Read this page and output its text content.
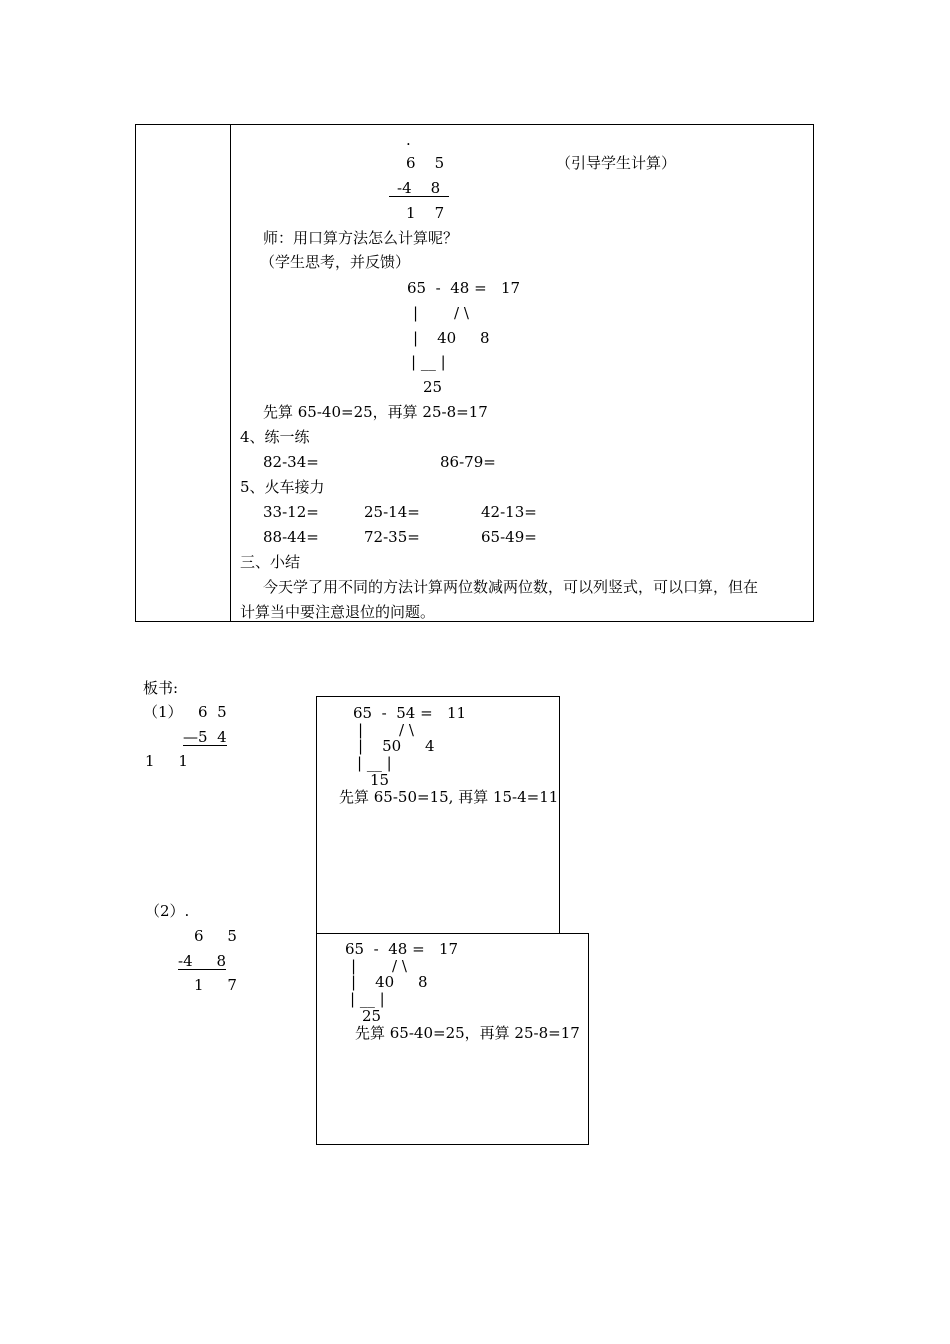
.
6    5	（引导学生计算）
-4    8
1    7
师：用口算方法怎么计算呢？
（学生思考，并反馈）
65  -  48 =   17
| / \
|    40     8
| __ |
25
先算 65-40=25，再算 25-8=17
4、练一练
82-34=	86-79=
5、火车接力
33-12=	25-14=	42-13=
88-44=	72-35=	65-49=
三、小结
今天学了用不同的方法计算两位数减两位数，可以列竖式，可以口算，但在
计算当中要注意退位的问题。
板书:
（1） 6  5
—5  4
1     1
（2）.
6     5
-4     8
1     7
65  -  54 =   11
| / \
|    50     4
| __ |
15
先算 65-50=15, 再算 15-4=11
65  -  48 =   17
| / \
|    40     8
| __ |
25
先算 65-40=25，再算 25-8=17
